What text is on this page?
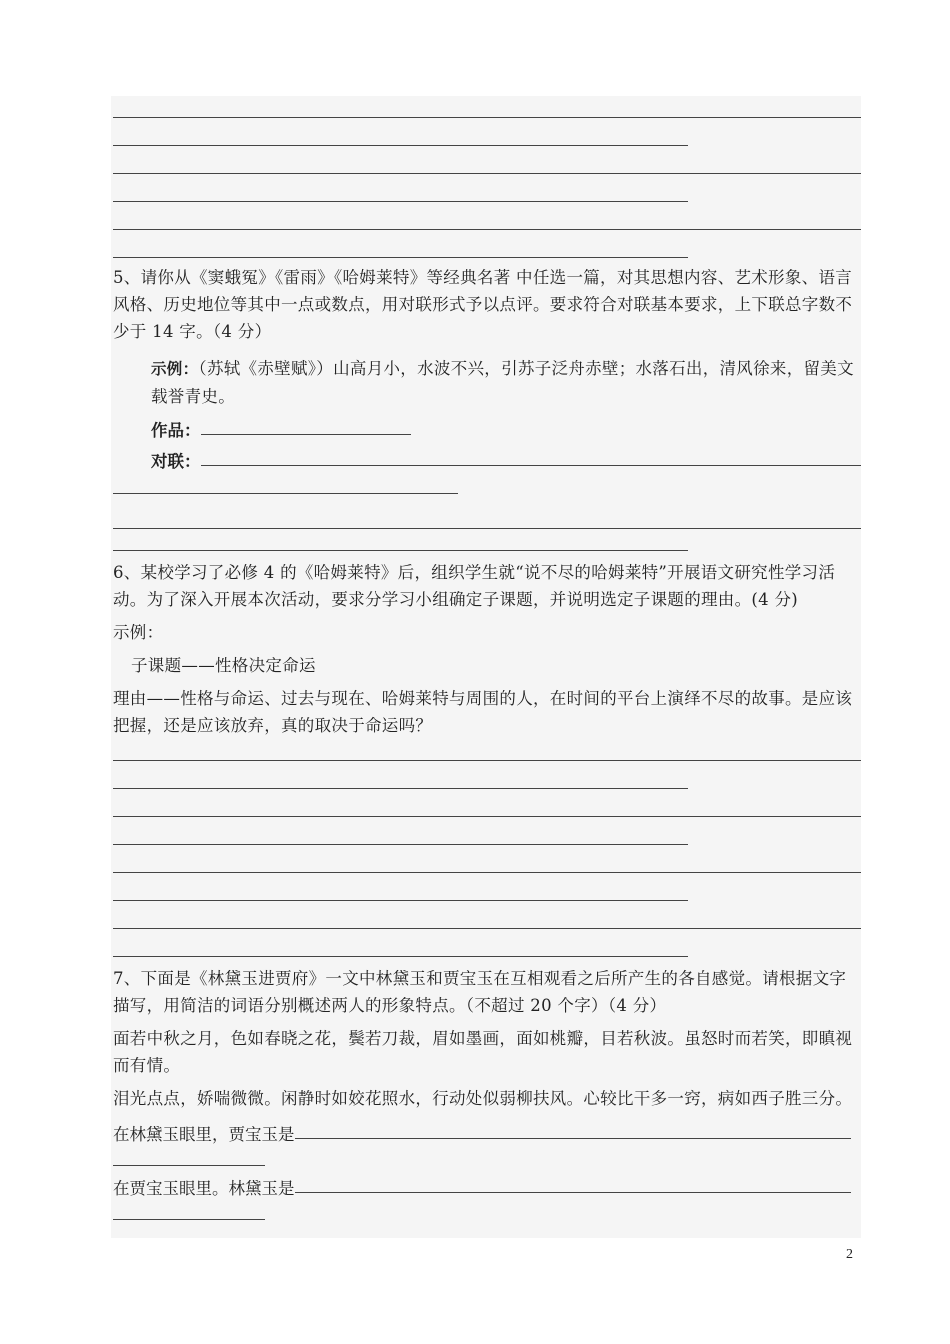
5、请你从《窦蛾冤》《雷雨》《哈姆莱特》等经典名著 中任选一篇，对其思想内容、艺术形象、语言风格、历史地位等其中一点或数点，用对联形式予以点评。要求符合对联基本要求，上下联总字数不少于 14 字。（4 分）

示例：（苏轼《赤壁赋》）山高月小，水波不兴，引苏子泛舟赤壁；水落石出，清风徐来，留美文载誉青史。

作品：
对联：

6、某校学习了必修 4 的《哈姆莱特》后，组织学生就“说不尽的哈姆莱特”开展语文研究性学习活动。为了深入开展本次活动，要求分学习小组确定子课题，并说明选定子课题的理由。(4 分)

示例：

子课题——性格决定命运

理由——性格与命运、过去与现在、哈姆莱特与周围的人，在时间的平台上演绎不尽的故事。是应该把握，还是应该放弃，真的取决于命运吗？

7、下面是《林黛玉进贾府》一文中林黛玉和贾宝玉在互相观看之后所产生的各自感觉。请根据文字描写，用简洁的词语分别概述两人的形象特点。（不超过 20 个字）（4 分）

面若中秋之月，色如春晓之花，鬓若刀裁，眉如墨画，面如桃瓣，目若秋波。虽怒时而若笑，即瞋视而有情。

泪光点点，娇喘微微。闲静时如姣花照水，行动处似弱柳扶风。心较比干多一窍，病如西子胜三分。

在林黛玉眼里，贾宝玉是
在贾宝玉眼里。林黛玉是
2
